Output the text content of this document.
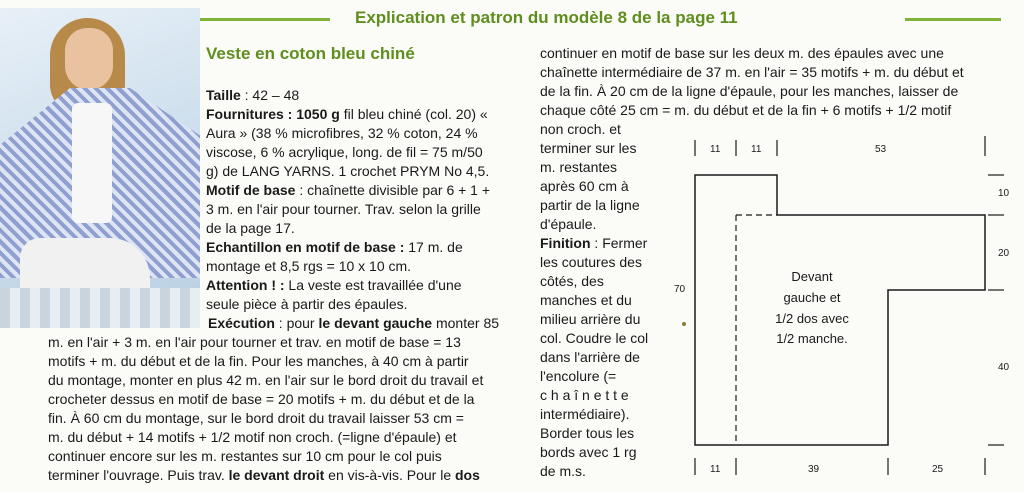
Explication et patron du modèle 8 de la page 11
Veste en coton bleu chiné
Taille : 42 – 48
Fournitures : 1050 g fil bleu chiné (col. 20) «
Aura » (38 % microfibres, 32 % coton, 24 %
viscose, 6 % acrylique, long. de fil = 75 m/50
g) de LANG YARNS. 1 crochet PRYM No 4,5.
Motif de base : chaînette divisible par 6 + 1 +
3 m. en l'air pour tourner. Trav. selon la grille
de la page 17.
Echantillon en motif de base : 17 m. de
montage et 8,5 rgs = 10 x 10 cm.
Attention ! : La veste est travaillée d'une
seule pièce à partir des épaules.
Exécution : pour le devant gauche monter 85
m. en l'air + 3 m. en l'air pour tourner et trav. en motif de base = 13
motifs + m. du début et de la fin. Pour les manches, à 40 cm à partir
du montage, monter en plus 42 m. en l'air sur le bord droit du travail et
crocheter dessus en motif de base = 20 motifs + m. du début et de la
fin. À 60 cm du montage, sur le bord droit du travail laisser 53 cm =
m. du début + 14 motifs + 1/2 motif non croch. (=ligne d'épaule) et
continuer encore sur les m. restantes sur 10 cm pour le col puis
terminer l'ouvrage. Puis trav. le devant droit en vis-à-vis. Pour le dos
continuer en motif de base sur les deux m. des épaules avec une
chaînette intermédiaire de 37 m. en l'air = 35 motifs + m. du début et
de la fin. À 20 cm de la ligne d'épaule, pour les manches, laisser de
chaque côté 25 cm = m. du début et de la fin + 6 motifs + 1/2 motif
non croch. et
terminer sur les
m. restantes
après 60 cm à
partir de la ligne
d'épaule.
Finition : Fermer
les coutures des
côtés, des
manches et du
milieu arrière du
col. Coudre le col
dans l'arrière de
l'encolure (=
c h a î n e t t e
intermédiaire).
Border tous les
bords avec 1 rg
de m.s.
11	11	53
11	39	25
10
20
40
70
Devant
gauche et
1/2 dos avec
1/2 manche.
